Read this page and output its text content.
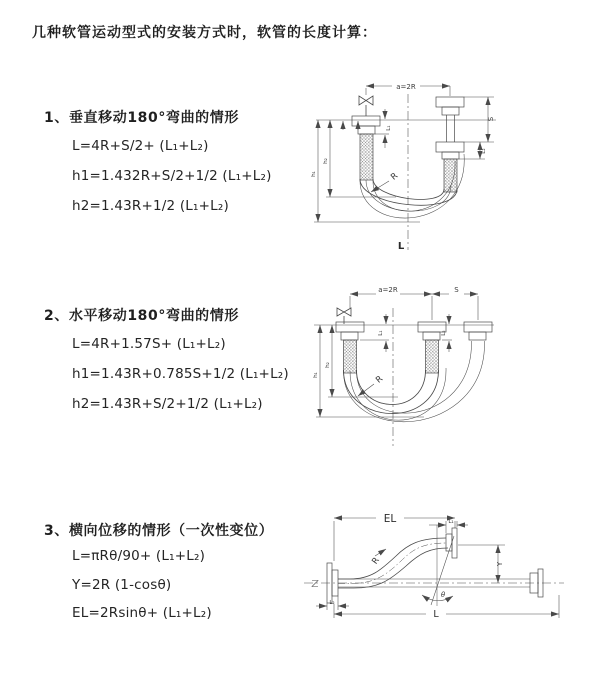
几种软管运动型式的安装方式时，软管的长度计算：
1、垂直移动180°弯曲的情形
L=4R+S/2+ (L₁+L₂)
h1=1.432R+S/2+1/2 (L₁+L₂)
h2=1.43R+1/2 (L₁+L₂)
2、水平移动180°弯曲的情形
L=4R+1.57S+ (L₁+L₂)
h1=1.43R+0.785S+1/2 (L₁+L₂)
h2=1.43R+S/2+1/2 (L₁+L₂)
3、横向位移的情形（一次性变位）
L=πRθ/90+ (L₁+L₂)
Y=2R (1-cosθ)
EL=2Rsinθ+ (L₁+L₂)
a=2R
S
L₂
L₁
h₁
h₂
R
L
a=2R	S
L₁	L₂
h₁
h₂
R
EL	L₁
Y
θ
R
L
L₂
